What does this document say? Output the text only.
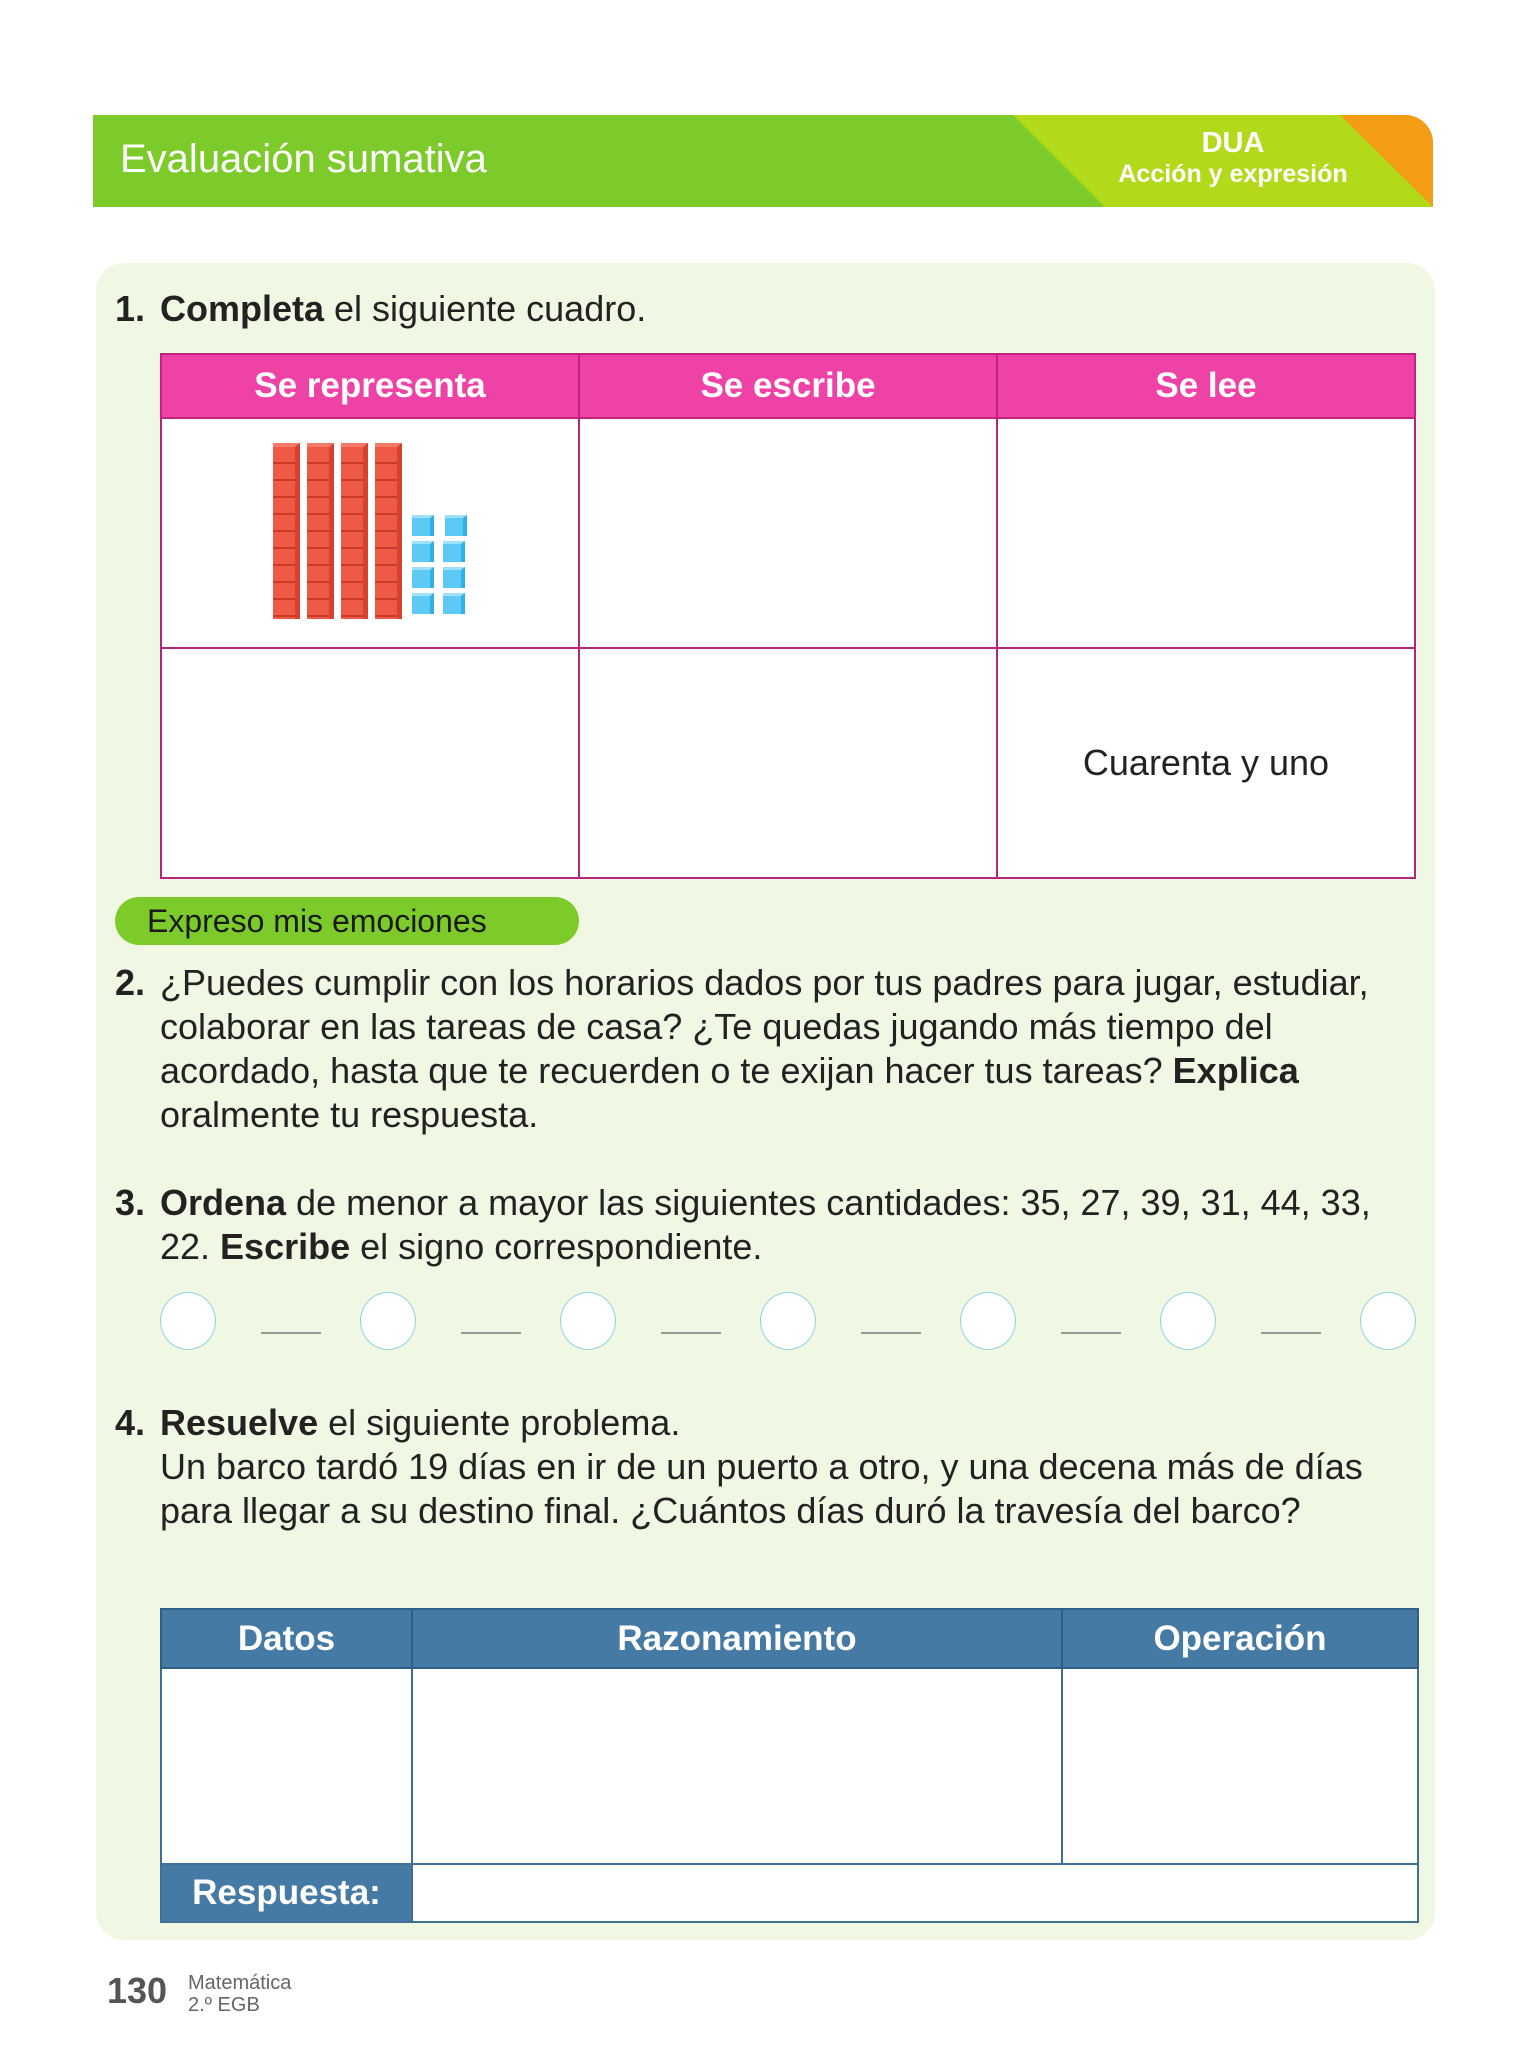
Evaluación sumativa	DUA
Acción y expresión
1. Completa el siguiente cuadro.
Se representa	Se escribe	Se lee

		Cuarenta y uno
Expreso mis emociones
2. ¿Puedes cumplir con los horarios dados por tus padres para jugar, estudiar, colaborar en las tareas de casa? ¿Te quedas jugando más tiempo del acordado, hasta que te recuerden o te exijan hacer tus tareas? Explica oralmente tu respuesta.
3. Ordena de menor a mayor las siguientes cantidades: 35, 27, 39, 31, 44, 33, 22. Escribe el signo correspondiente.
4. Resuelve el siguiente problema.
Un barco tardó 19 días en ir de un puerto a otro, y una decena más de días para llegar a su destino final. ¿Cuántos días duró la travesía del barco?
Datos	Razonamiento	Operación

Respuesta:		
130 Matemática
2.º EGB
